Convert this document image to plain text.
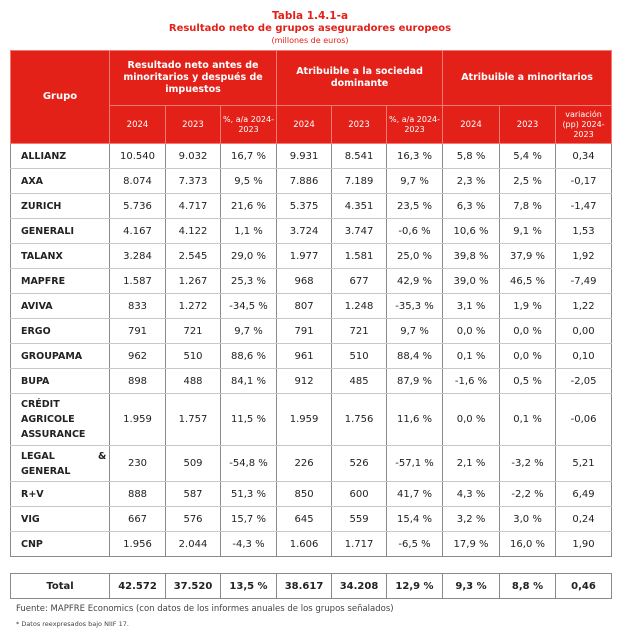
Tabla 1.4.1-a
Resultado neto de grupos aseguradores europeos
(millones de euros)
Grupo	Resultado neto antes de minoritarios y después de impuestos			Atribuible a la sociedad dominante			Atribuible a minoritarios		
	2024	2023	%, a/a 2024-2023	2024	2023	%, a/a 2024-2023	2024	2023	variación (pp) 2024-2023
ALLIANZ	10.540	9.032	16,7 %	9.931	8.541	16,3 %	5,8 %	5,4 %	0,34
AXA	8.074	7.373	9,5 %	7.886	7.189	9,7 %	2,3 %	2,5 %	-0,17
ZURICH	5.736	4.717	21,6 %	5.375	4.351	23,5 %	6,3 %	7,8 %	-1,47
GENERALI	4.167	4.122	1,1 %	3.724	3.747	-0,6 %	10,6 %	9,1 %	1,53
TALANX	3.284	2.545	29,0 %	1.977	1.581	25,0 %	39,8 %	37,9 %	1,92
MAPFRE	1.587	1.267	25,3 %	968	677	42,9 %	39,0 %	46,5 %	-7,49
AVIVA	833	1.272	-34,5 %	807	1.248	-35,3 %	3,1 %	1,9 %	1,22
ERGO	791	721	9,7 %	791	721	9,7 %	0,0 %	0,0 %	0,00
GROUPAMA	962	510	88,6 %	961	510	88,4 %	0,1 %	0,0 %	0,10
BUPA	898	488	84,1 %	912	485	87,9 %	-1,6 %	0,5 %	-2,05
CRÉDIT AGRICOLE ASSURANCE	1.959	1.757	11,5 %	1.959	1.756	11,6 %	0,0 %	0,1 %	-0,06
LEGAL & GENERAL	230	509	-54,8 %	226	526	-57,1 %	2,1 %	-3,2 %	5,21
R+V	888	587	51,3 %	850	600	41,7 %	4,3 %	-2,2 %	6,49
VIG	667	576	15,7 %	645	559	15,4 %	3,2 %	3,0 %	0,24
CNP	1.956	2.044	-4,3 %	1.606	1.717	-6,5 %	17,9 %	16,0 %	1,90
Total	42.572	37.520	13,5 %	38.617	34.208	12,9 %	9,3 %	8,8 %	0,46
Fuente: MAPFRE Economics (con datos de los informes anuales de los grupos señalados)
* Datos reexpresados bajo NIIF 17.
